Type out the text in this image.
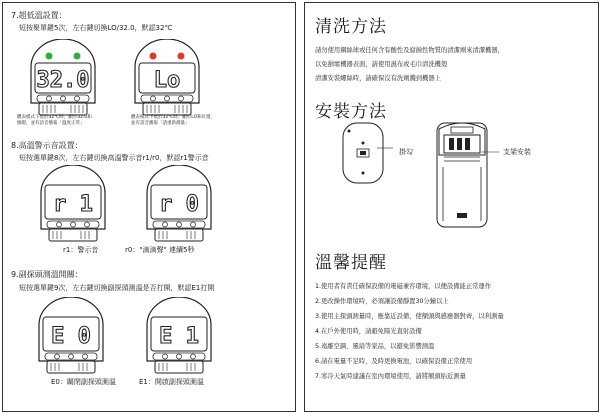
7.超低溫設置：
短按聚單鍵5次，左右鍵切換LO/32.0，默認32℃
32.0	Lo
體表模式下低於32℃時，顯示32.0和
綠燈，並有語音播報「溫度正常」
體表模式下低於32℃時，顯示LO和紅燈，
並有語音播報「請重新測量」
8.高溫警示音設置：
短按選單鍵8次，左右鍵切換高溫警示音r1/r0，默認r1警示音
r 1	r 0
r1：警示音	r0："滴滴聲" 連續5秒
9.副探頭測溫開關：
短按選單鍵9次，左右鍵切換副探頭測溫是否打開，默認E1打開
E 0	E 1
E0：關閉副探頭測溫	E1：開啟副探頭測溫
清洗方法
請勿使用鋼絲球或任何含有酸性及腐蝕性物質的清潔劑來清潔機器，
以免損壞機器表面，請使用濕布或毛巾清洗機殼
清潔安裝螺絲時，請確保沒有洗劑濺到機器上
安裝方法
掛勾	支架安裝
溫馨提醒
1.使用者有責任確保設備的電磁兼容環境，以便設備能正常運作
2.更改操作環境時，必須讓設備靜置30分鐘以上
3.使用主探頭測量時，應靠近設備，使額頭與感應器對齊，以利測量
4.在戶外使用時，請避免陽光直射設備
5.遠離空調、風扇等家品，以避免影響測溫
6.請在電量不足時，及時更換電池，以確保設備正常使用
7.寒冷天氣時建議在室內環境使用，請將額頭貼近測量
